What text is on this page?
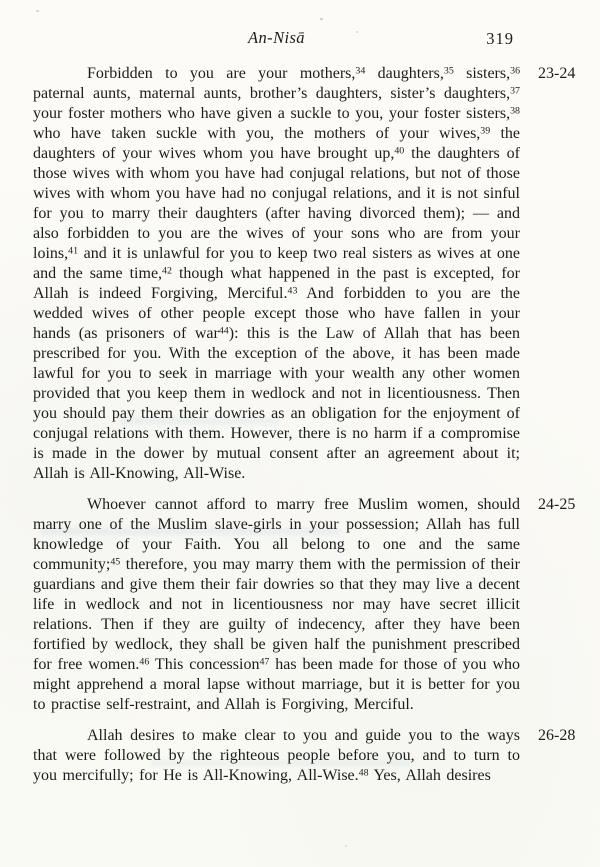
An-Nisā	319

23-24
Forbidden to you are your mothers,$^{34}$ daughters,$^{35}$ sisters,$^{36}$ paternal aunts, maternal aunts, brother’s daughters, sister’s daughters,$^{37}$ your foster mothers who have given a suckle to you, your foster sisters,$^{38}$ who have taken suckle with you, the mothers of your wives,$^{39}$ the daughters of your wives whom you have brought up,$^{40}$ the daughters of those wives with whom you have had conjugal relations, but not of those wives with whom you have had no conjugal relations, and it is not sinful for you to marry their daughters (after having divorced them); — and also forbidden to you are the wives of your sons who are from your loins,$^{41}$ and it is unlawful for you to keep two real sisters as wives at one and the same time,$^{42}$ though what happened in the past is excepted, for Allah is indeed Forgiving, Merciful.$^{43}$ And forbidden to you are the wedded wives of other people except those who have fallen in your hands (as prisoners of war$^{44}$): this is the Law of Allah that has been prescribed for you. With the exception of the above, it has been made lawful for you to seek in marriage with your wealth any other women provided that you keep them in wedlock and not in licentiousness. Then you should pay them their dowries as an obligation for the enjoyment of conjugal relations with them. However, there is no harm if a compromise is made in the dower by mutual consent after an agreement about it; Allah is All-Knowing, All-Wise.

24-25
Whoever cannot afford to marry free Muslim women, should marry one of the Muslim slave-girls in your possession; Allah has full knowledge of your Faith. You all belong to one and the same community;$^{45}$ therefore, you may marry them with the permission of their guardians and give them their fair dowries so that they may live a decent life in wedlock and not in licentiousness nor may have secret illicit relations. Then if they are guilty of indecency, after they have been fortified by wedlock, they shall be given half the punishment prescribed for free women.$^{46}$ This concession$^{47}$ has been made for those of you who might apprehend a moral lapse without marriage, but it is better for you to practise self-restraint, and Allah is Forgiving, Merciful.

26-28
Allah desires to make clear to you and guide you to the ways that were followed by the righteous people before you, and to turn to you mercifully; for He is All-Knowing, All-Wise.$^{48}$ Yes, Allah desires
